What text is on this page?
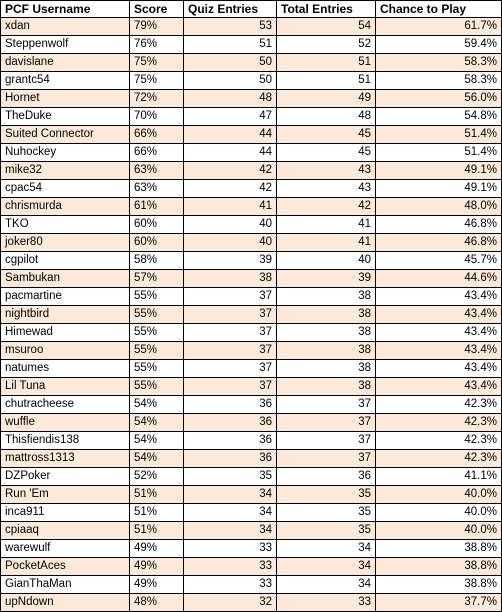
PCF Username	Score	Quiz Entries	Total Entries	Chance to Play
xdan	79%	53	54	61.7%
Steppenwolf	76%	51	52	59.4%
davislane	75%	50	51	58.3%
grantc54	75%	50	51	58.3%
Hornet	72%	48	49	56.0%
TheDuke	70%	47	48	54.8%
Suited Connector	66%	44	45	51.4%
Nuhockey	66%	44	45	51.4%
mike32	63%	42	43	49.1%
cpac54	63%	42	43	49.1%
chrismurda	61%	41	42	48.0%
TKO	60%	40	41	46.8%
joker80	60%	40	41	46.8%
cgpilot	58%	39	40	45.7%
Sambukan	57%	38	39	44.6%
pacmartine	55%	37	38	43.4%
nightbird	55%	37	38	43.4%
Himewad	55%	37	38	43.4%
msuroo	55%	37	38	43.4%
natumes	55%	37	38	43.4%
Lil Tuna	55%	37	38	43.4%
chutracheese	54%	36	37	42.3%
wuffle	54%	36	37	42.3%
Thisfiendis138	54%	36	37	42.3%
mattross1313	54%	36	37	42.3%
DZPoker	52%	35	36	41.1%
Run 'Em	51%	34	35	40.0%
inca911	51%	34	35	40.0%
cpiaaq	51%	34	35	40.0%
warewulf	49%	33	34	38.8%
PocketAces	49%	33	34	38.8%
GianThaMan	49%	33	34	38.8%
upNdown	48%	32	33	37.7%
